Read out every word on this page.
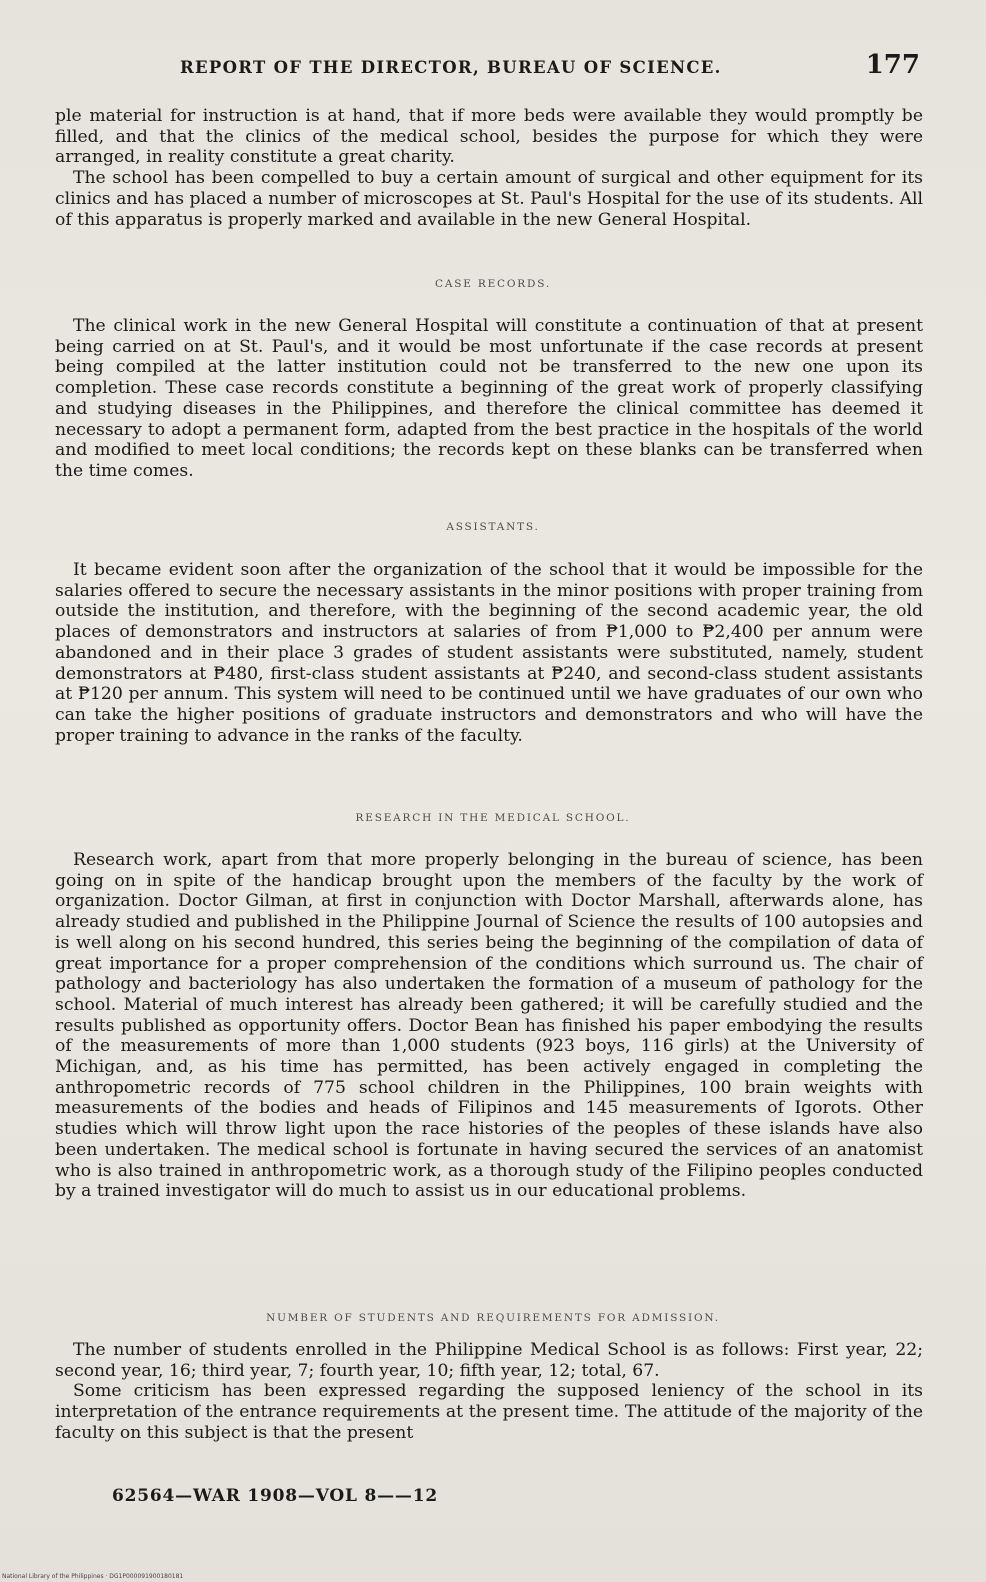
REPORT OF THE DIRECTOR, BUREAU OF SCIENCE.	177

ple material for instruction is at hand, that if more beds were available they would promptly be filled, and that the clinics of the medical school, besides the purpose for which they were arranged, in reality constitute a great charity.

The school has been compelled to buy a certain amount of surgical and other equipment for its clinics and has placed a number of microscopes at St. Paul's Hospital for the use of its students. All of this apparatus is properly marked and available in the new General Hospital.

CASE RECORDS.

The clinical work in the new General Hospital will constitute a continuation of that at present being carried on at St. Paul's, and it would be most unfortunate if the case records at present being compiled at the latter institution could not be transferred to the new one upon its completion. These case records constitute a beginning of the great work of properly classifying and studying diseases in the Philippines, and therefore the clinical committee has deemed it necessary to adopt a permanent form, adapted from the best practice in the hospitals of the world and modified to meet local conditions; the records kept on these blanks can be transferred when the time comes.

ASSISTANTS.

It became evident soon after the organization of the school that it would be impossible for the salaries offered to secure the necessary assistants in the minor positions with proper training from outside the institution, and therefore, with the beginning of the second academic year, the old places of demonstrators and instructors at salaries of from ₱1,000 to ₱2,400 per annum were abandoned and in their place 3 grades of student assistants were substituted, namely, student demonstrators at ₱480, first-class student assistants at ₱240, and second-class student assistants at ₱120 per annum. This system will need to be continued until we have graduates of our own who can take the higher positions of graduate instructors and demonstrators and who will have the proper training to advance in the ranks of the faculty.

RESEARCH IN THE MEDICAL SCHOOL.

Research work, apart from that more properly belonging in the bureau of science, has been going on in spite of the handicap brought upon the members of the faculty by the work of organization. Doctor Gilman, at first in conjunction with Doctor Marshall, afterwards alone, has already studied and published in the Philippine Journal of Science the results of 100 autopsies and is well along on his second hundred, this series being the beginning of the compilation of data of great importance for a proper comprehension of the conditions which surround us. The chair of pathology and bacteriology has also undertaken the formation of a museum of pathology for the school. Material of much interest has already been gathered; it will be carefully studied and the results published as opportunity offers. Doctor Bean has finished his paper embodying the results of the measurements of more than 1,000 students (923 boys, 116 girls) at the University of Michigan, and, as his time has permitted, has been actively engaged in completing the anthropometric records of 775 school children in the Philippines, 100 brain weights with measurements of the bodies and heads of Filipinos and 145 measurements of Igorots. Other studies which will throw light upon the race histories of the peoples of these islands have also been undertaken. The medical school is fortunate in having secured the services of an anatomist who is also trained in anthropometric work, as a thorough study of the Filipino peoples conducted by a trained investigator will do much to assist us in our educational problems.

NUMBER OF STUDENTS AND REQUIREMENTS FOR ADMISSION.

The number of students enrolled in the Philippine Medical School is as follows: First year, 22; second year, 16; third year, 7; fourth year, 10; fifth year, 12; total, 67.

Some criticism has been expressed regarding the supposed leniency of the school in its interpretation of the entrance requirements at the present time. The attitude of the majority of the faculty on this subject is that the present

62564—WAR 1908—VOL 8——12
National Library of the Philippines · DG1P000091900180181
